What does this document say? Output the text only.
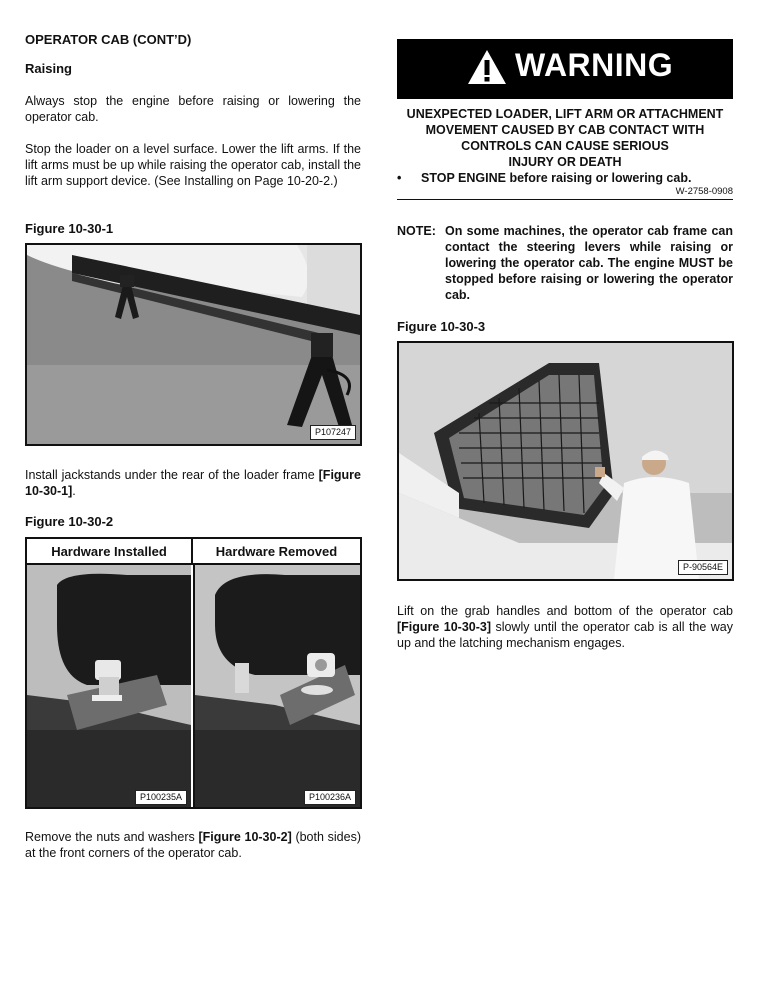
OPERATOR CAB (CONT’D)
Raising
Always stop the engine before raising or lowering the operator cab.
Stop the loader on a level surface. Lower the lift arms. If the lift arms must be up while raising the operator cab, install the lift arm support device. (See Installing on Page 10-20-2.)
Figure 10-30-1
P107247
Install jackstands under the rear of the loader frame [Figure 10-30-1].
Figure 10-30-2
Hardware Installed	Hardware Removed
P100235A	P100236A
Remove the nuts and washers [Figure 10-30-2] (both sides) at the front corners of the operator cab.
WARNING
UNEXPECTED LOADER, LIFT ARM OR ATTACHMENT
MOVEMENT CAUSED BY CAB CONTACT WITH
CONTROLS CAN CAUSE SERIOUS
INJURY OR DEATH
• STOP ENGINE before raising or lowering cab.
W-2758-0908
NOTE: On some machines, the operator cab frame can contact the steering levers while raising or lowering the operator cab. The engine MUST be stopped before raising or lowering the operator cab.
Figure 10-30-3
P-90564E
Lift on the grab handles and bottom of the operator cab [Figure 10-30-3] slowly until the operator cab is all the way up and the latching mechanism engages.
